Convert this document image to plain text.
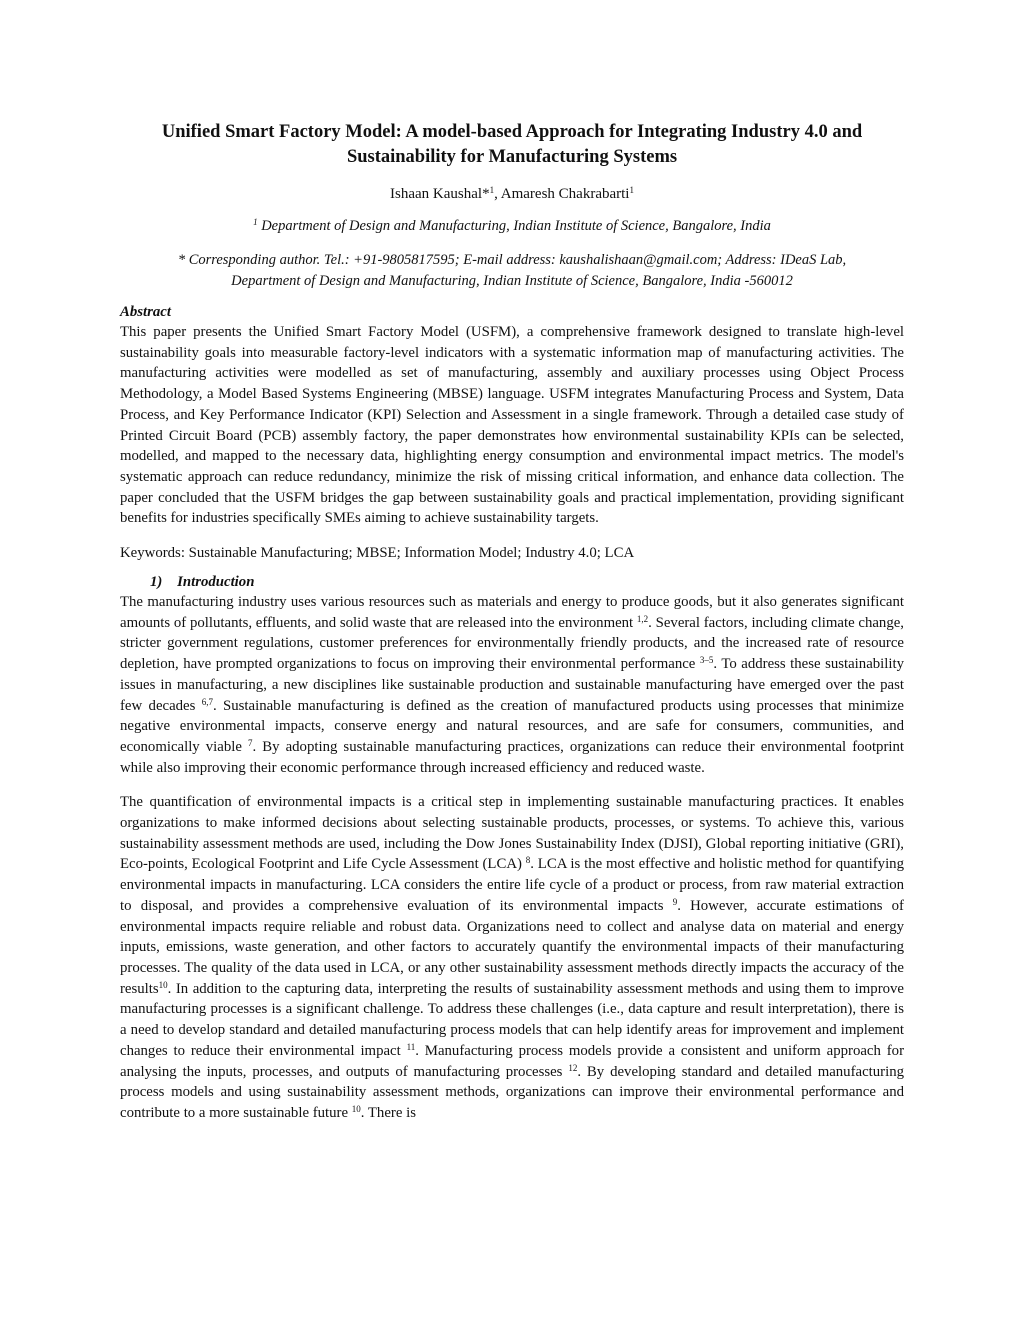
Unified Smart Factory Model: A model-based Approach for Integrating Industry 4.0 and
Sustainability for Manufacturing Systems
Ishaan Kaushal*$^1$, Amaresh Chakrabarti$^1$
$^1$ Department of Design and Manufacturing, Indian Institute of Science, Bangalore, India
* Corresponding author. Tel.: +91-9805817595; E-mail address: kaushalishaan@gmail.com; Address: IDeaS Lab,
Department of Design and Manufacturing, Indian Institute of Science, Bangalore, India -560012
Abstract

This paper presents the Unified Smart Factory Model (USFM), a comprehensive framework designed to translate high-level sustainability goals into measurable factory-level indicators with a systematic information map of manufacturing activities. The manufacturing activities were modelled as set of manufacturing, assembly and auxiliary processes using Object Process Methodology, a Model Based Systems Engineering (MBSE) language. USFM integrates Manufacturing Process and System, Data Process, and Key Performance Indicator (KPI) Selection and Assessment in a single framework. Through a detailed case study of Printed Circuit Board (PCB) assembly factory, the paper demonstrates how environmental sustainability KPIs can be selected, modelled, and mapped to the necessary data, highlighting energy consumption and environmental impact metrics. The model's systematic approach can reduce redundancy, minimize the risk of missing critical information, and enhance data collection. The paper concluded that the USFM bridges the gap between sustainability goals and practical implementation, providing significant benefits for industries specifically SMEs aiming to achieve sustainability targets.

Keywords: Sustainable Manufacturing; MBSE; Information Model; Industry 4.0; LCA

1) Introduction

The manufacturing industry uses various resources such as materials and energy to produce goods, but it also generates significant amounts of pollutants, effluents, and solid waste that are released into the environment $^{1,2}$. Several factors, including climate change, stricter government regulations, customer preferences for environmentally friendly products, and the increased rate of resource depletion, have prompted organizations to focus on improving their environmental performance $^{3-5}$. To address these sustainability issues in manufacturing, a new disciplines like sustainable production and sustainable manufacturing have emerged over the past few decades $^{6,7}$. Sustainable manufacturing is defined as the creation of manufactured products using processes that minimize negative environmental impacts, conserve energy and natural resources, and are safe for consumers, communities, and economically viable $^7$. By adopting sustainable manufacturing practices, organizations can reduce their environmental footprint while also improving their economic performance through increased efficiency and reduced waste.

The quantification of environmental impacts is a critical step in implementing sustainable manufacturing practices. It enables organizations to make informed decisions about selecting sustainable products, processes, or systems. To achieve this, various sustainability assessment methods are used, including the Dow Jones Sustainability Index (DJSI), Global reporting initiative (GRI), Eco-points, Ecological Footprint and Life Cycle Assessment (LCA) $^8$. LCA is the most effective and holistic method for quantifying environmental impacts in manufacturing. LCA considers the entire life cycle of a product or process, from raw material extraction to disposal, and provides a comprehensive evaluation of its environmental impacts $^9$. However, accurate estimations of environmental impacts require reliable and robust data. Organizations need to collect and analyse data on material and energy inputs, emissions, waste generation, and other factors to accurately quantify the environmental impacts of their manufacturing processes. The quality of the data used in LCA, or any other sustainability assessment methods directly impacts the accuracy of the results$^{10}$. In addition to the capturing data, interpreting the results of sustainability assessment methods and using them to improve manufacturing processes is a significant challenge. To address these challenges (i.e., data capture and result interpretation), there is a need to develop standard and detailed manufacturing process models that can help identify areas for improvement and implement changes to reduce their environmental impact $^{11}$. Manufacturing process models provide a consistent and uniform approach for analysing the inputs, processes, and outputs of manufacturing processes $^{12}$. By developing standard and detailed manufacturing process models and using sustainability assessment methods, organizations can improve their environmental performance and contribute to a more sustainable future $^{10}$. There is
